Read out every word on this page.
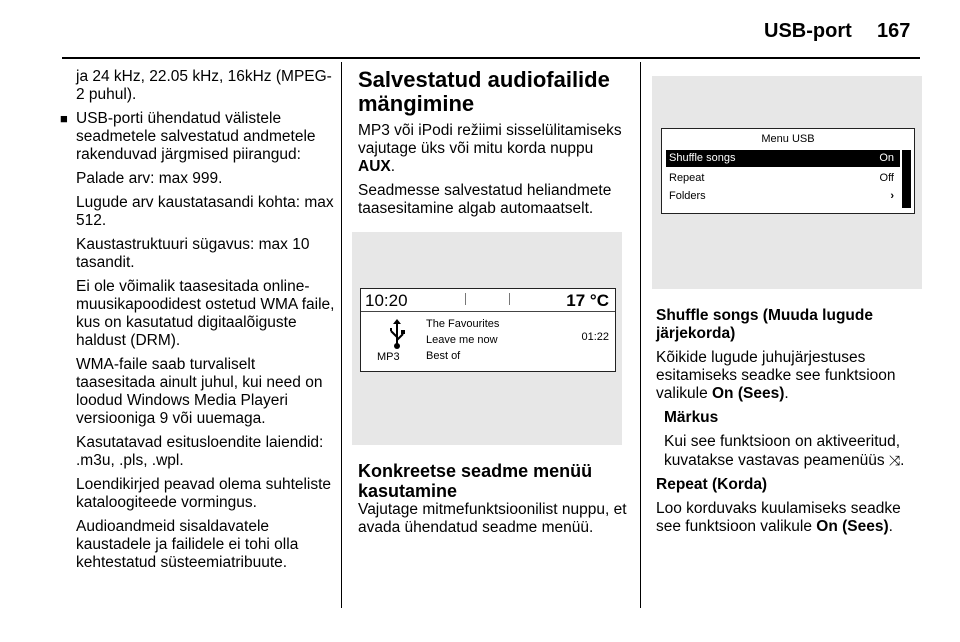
USB-port 167

ja 24 kHz, 22.05 kHz, 16kHz (MPEG-2 puhul).

■ USB-porti ühendatud välistele seadmetele salvestatud andmetele rakenduvad järgmised piirangud:

Palade arv: max 999.

Lugude arv kaustatasandi kohta: max 512.

Kaustastruktuuri sügavus: max 10 tasandit.

Ei ole võimalik taasesitada online-muusikapoodidest ostetud WMA faile, kus on kasutatud digitaalõiguste haldust (DRM).

WMA-faile saab turvaliselt taasesitada ainult juhul, kui need on loodud Windows Media Playeri versiooniga 9 või uuemaga.

Kasutatavad esitusloendite laiendid: .m3u, .pls, .wpl.

Loendikirjed peavad olema suhteliste kataloogiteede vormingus.

Audioandmeid sisaldavatele kaustadele ja failidele ei tohi olla kehtestatud süsteemiatribuute.

Salvestatud audiofailide mängimine

MP3 või iPodi režiimi sisselülitamiseks vajutage üks või mitu korda nuppu AUX.

Seadmesse salvestatud heliandmete taasesitamine algab automaatselt.

10:20	17 °C
MP3
The Favourites
Leave me now
Best of
01:22
Konkreetse seadme menüü kasutamine

Vajutage mitmefunktsioonilist nuppu, et avada ühendatud seadme menüü.

Menu USB
Shuffle songs	On
Repeat	Off
Folders	›

Shuffle songs (Muuda lugude järjekorda)

Kõikide lugude juhujärjestuses esitamiseks seadke see funktsioon valikule On (Sees).

Märkus

Kui see funktsioon on aktiveeritud, kuvatakse vastavas peamenüüs ⤨.

Repeat (Korda)

Loo korduvaks kuulamiseks seadke see funktsioon valikule On (Sees).
